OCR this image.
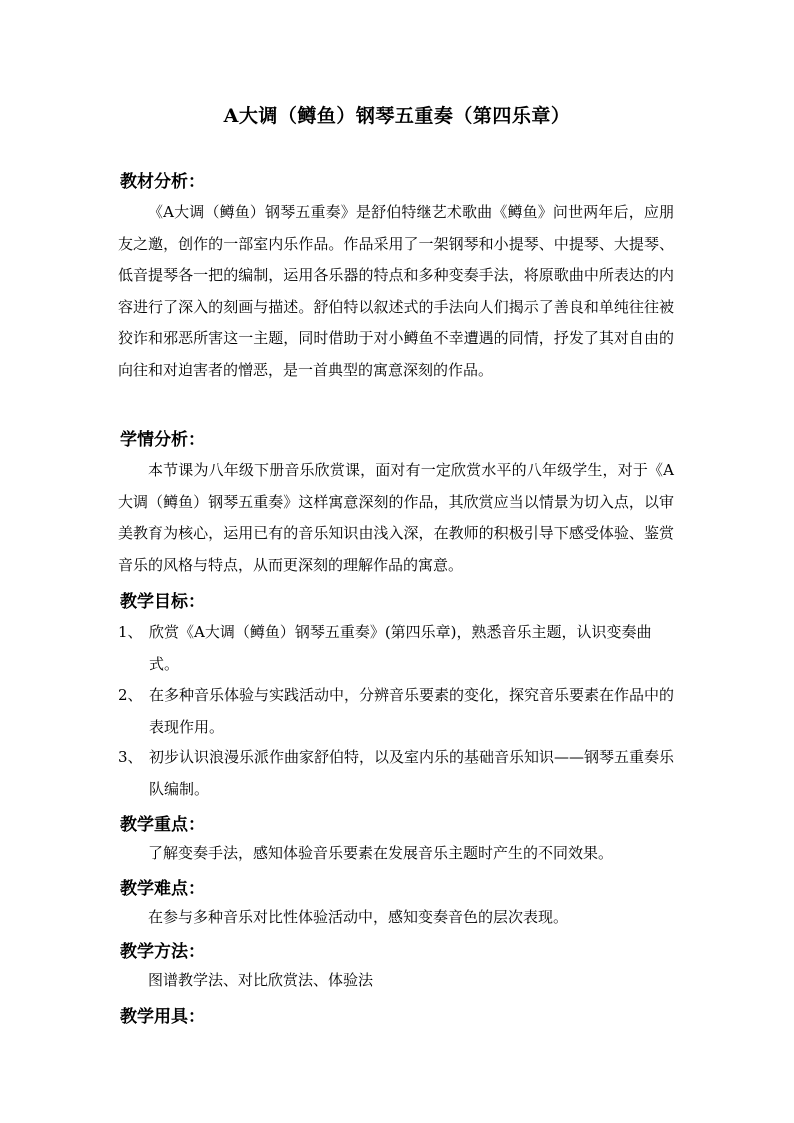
A大调（鳟鱼）钢琴五重奏（第四乐章）
教材分析：
《A大调（鳟鱼）钢琴五重奏》是舒伯特继艺术歌曲《鳟鱼》问世两年后，应朋友之邀，创作的一部室内乐作品。作品采用了一架钢琴和小提琴、中提琴、大提琴、低音提琴各一把的编制，运用各乐器的特点和多种变奏手法，将原歌曲中所表达的内容进行了深入的刻画与描述。舒伯特以叙述式的手法向人们揭示了善良和单纯往往被狡诈和邪恶所害这一主题，同时借助于对小鳟鱼不幸遭遇的同情，抒发了其对自由的向往和对迫害者的憎恶，是一首典型的寓意深刻的作品。
学情分析：
本节课为八年级下册音乐欣赏课，面对有一定欣赏水平的八年级学生，对于《A大调（鳟鱼）钢琴五重奏》这样寓意深刻的作品，其欣赏应当以情景为切入点，以审美教育为核心，运用已有的音乐知识由浅入深，在教师的积极引导下感受体验、鉴赏音乐的风格与特点，从而更深刻的理解作品的寓意。
教学目标：
1、 欣赏《A大调（鳟鱼）钢琴五重奏》(第四乐章)，熟悉音乐主题，认识变奏曲式。
2、 在多种音乐体验与实践活动中，分辨音乐要素的变化，探究音乐要素在作品中的表现作用。
3、 初步认识浪漫乐派作曲家舒伯特，以及室内乐的基础音乐知识——钢琴五重奏乐队编制。
教学重点：
了解变奏手法，感知体验音乐要素在发展音乐主题时产生的不同效果。
教学难点：
在参与多种音乐对比性体验活动中，感知变奏音色的层次表现。
教学方法：
图谱教学法、对比欣赏法、体验法
教学用具：
